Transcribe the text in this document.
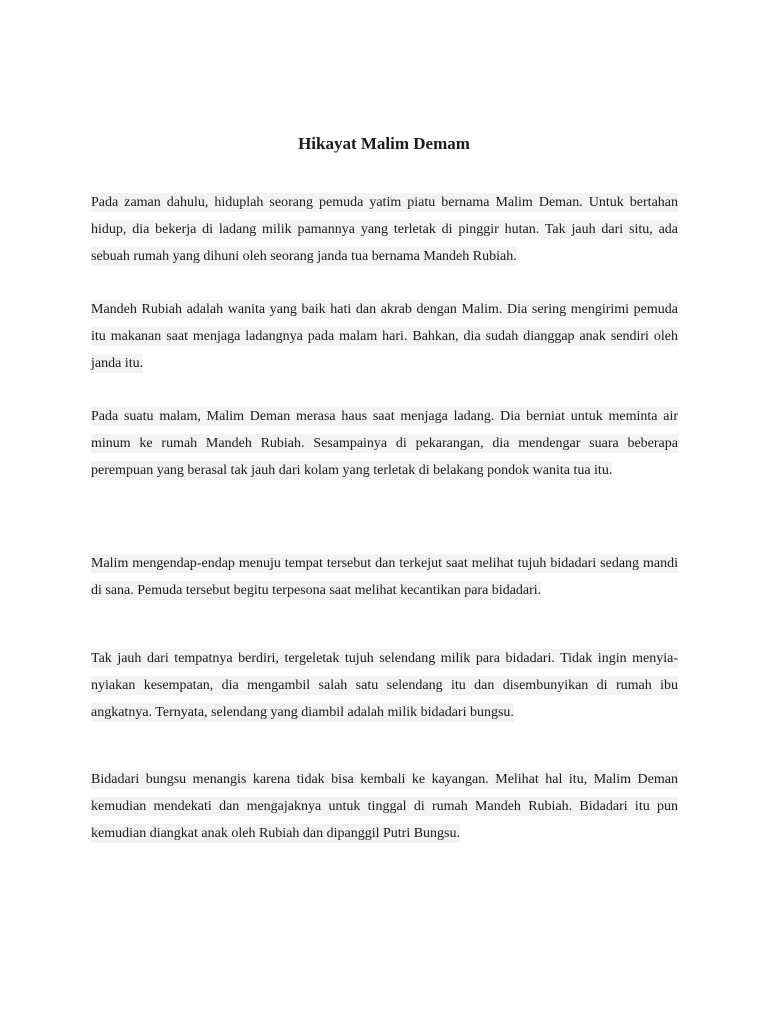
Hikayat Malim Demam

Pada zaman dahulu, hiduplah seorang pemuda yatim piatu bernama Malim Deman. Untuk bertahan hidup, dia bekerja di ladang milik pamannya yang terletak di pinggir hutan. Tak jauh dari situ, ada sebuah rumah yang dihuni oleh seorang janda tua bernama Mandeh Rubiah.

Mandeh Rubiah adalah wanita yang baik hati dan akrab dengan Malim. Dia sering mengirimi pemuda itu makanan saat menjaga ladangnya pada malam hari. Bahkan, dia sudah dianggap anak sendiri oleh janda itu.

Pada suatu malam, Malim Deman merasa haus saat menjaga ladang. Dia berniat untuk meminta air minum ke rumah Mandeh Rubiah. Sesampainya di pekarangan, dia mendengar suara beberapa perempuan yang berasal tak jauh dari kolam yang terletak di belakang pondok wanita tua itu.

Malim mengendap-endap menuju tempat tersebut dan terkejut saat melihat tujuh bidadari sedang mandi di sana. Pemuda tersebut begitu terpesona saat melihat kecantikan para bidadari.

Tak jauh dari tempatnya berdiri, tergeletak tujuh selendang milik para bidadari. Tidak ingin menyia-nyiakan kesempatan, dia mengambil salah satu selendang itu dan disembunyikan di rumah ibu angkatnya. Ternyata, selendang yang diambil adalah milik bidadari bungsu.

Bidadari bungsu menangis karena tidak bisa kembali ke kayangan. Melihat hal itu, Malim Deman kemudian mendekati dan mengajaknya untuk tinggal di rumah Mandeh Rubiah. Bidadari itu pun kemudian diangkat anak oleh Rubiah dan dipanggil Putri Bungsu.
